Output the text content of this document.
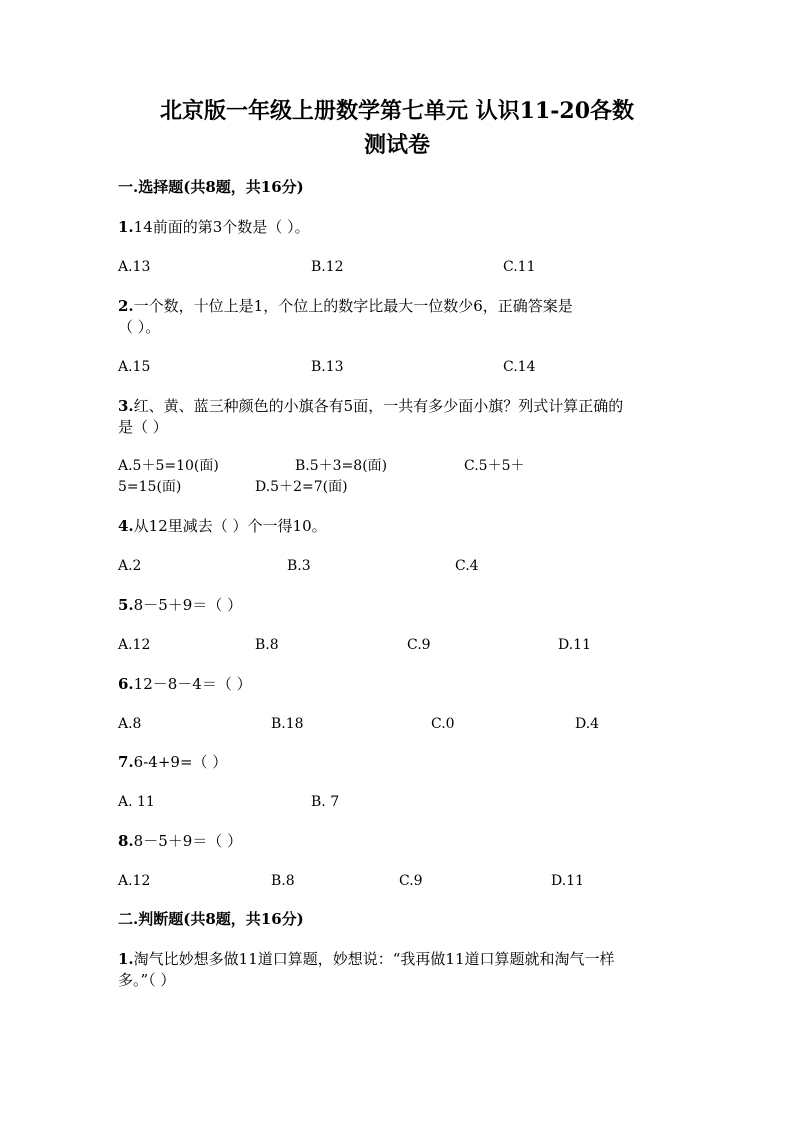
北京版一年级上册数学第七单元 认识11-20各数
测试卷
一.选择题(共8题，共16分)
1.14前面的第3个数是（ ）。
A.13	B.12	C.11
2.一个数，十位上是1，个位上的数字比最大一位数少6，正确答案是
（ ）。
A.15	B.13	C.14
3.红、黄、蓝三种颜色的小旗各有5面，一共有多少面小旗？列式计算正确的
是（ ）
A.5＋5=10(面)	B.5＋3=8(面)	C.5＋5＋
5=15(面)	D.5＋2=7(面)
4.从12里减去（ ）个一得10。
A.2	B.3	C.4
5.8－5＋9＝（ ）
A.12	B.8	C.9	D.11
6.12－8－4＝（ ）
A.8	B.18	C.0	D.4
7.6-4+9=（ ）
A. 11	B. 7
8.8－5＋9＝（ ）
A.12	B.8	C.9	D.11
二.判断题(共8题，共16分)
1.淘气比妙想多做11道口算题，妙想说：“我再做11道口算题就和淘气一样
多。”（ ）
